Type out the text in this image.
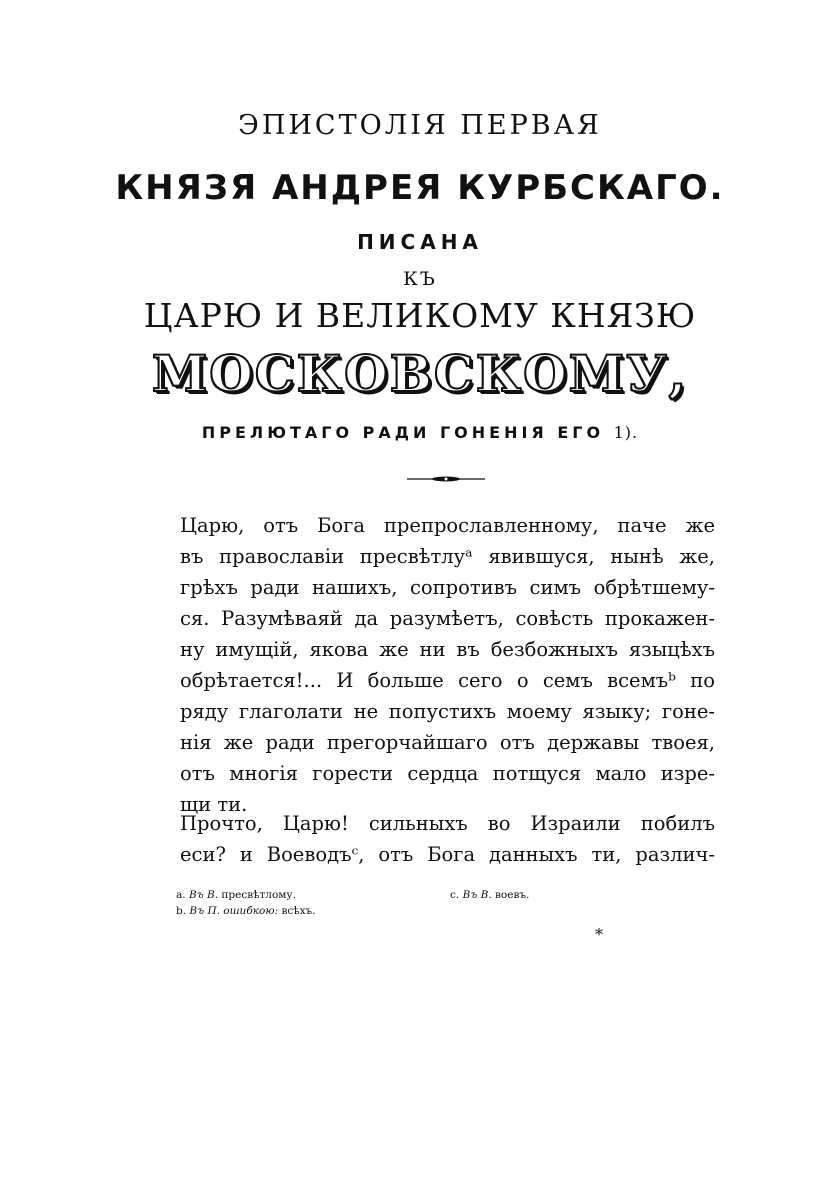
ЭПИСТОЛІЯ ПЕРВАЯ
КНЯЗЯ АНДРЕЯ КУРБСКАГО.
ПИСАНА
КЪ
ЦАРЮ И ВЕЛИКОМУ КНЯЗЮ
МОСКОВСКОМУ,
ПРЕЛЮТАГО РАДИ ГОНЕНІЯ ЕГО 1).
Царю, отъ Бога препрославленному, паче же
въ православіи пресвѣтлуᵃ явившуся, нынѣ же,
грѣхъ ради нашихъ, сопротивъ симъ обрѣтшему-
ся. Разумѣваяй да разумѣетъ, совѣсть прокажен-
ну имущій, якова же ни въ безбожныхъ языцѣхъ
обрѣтается!... И больше сего о семъ всемъᵇ по
ряду глаголати не попустихъ моему языку; гоне-
нія же ради прегорчайшаго отъ державы твоея,
отъ многія горести сердца потщуся мало изре-
щи ти.
Прочто, Царю! сильныхъ во Израили побилъ
еси? и Воеводъᶜ, отъ Бога данныхъ ти, различ-
a. Въ В. пресвѣтлому.
b. Въ П. ошибкою: всѣхъ.
c. Въ В. воевъ.
*
